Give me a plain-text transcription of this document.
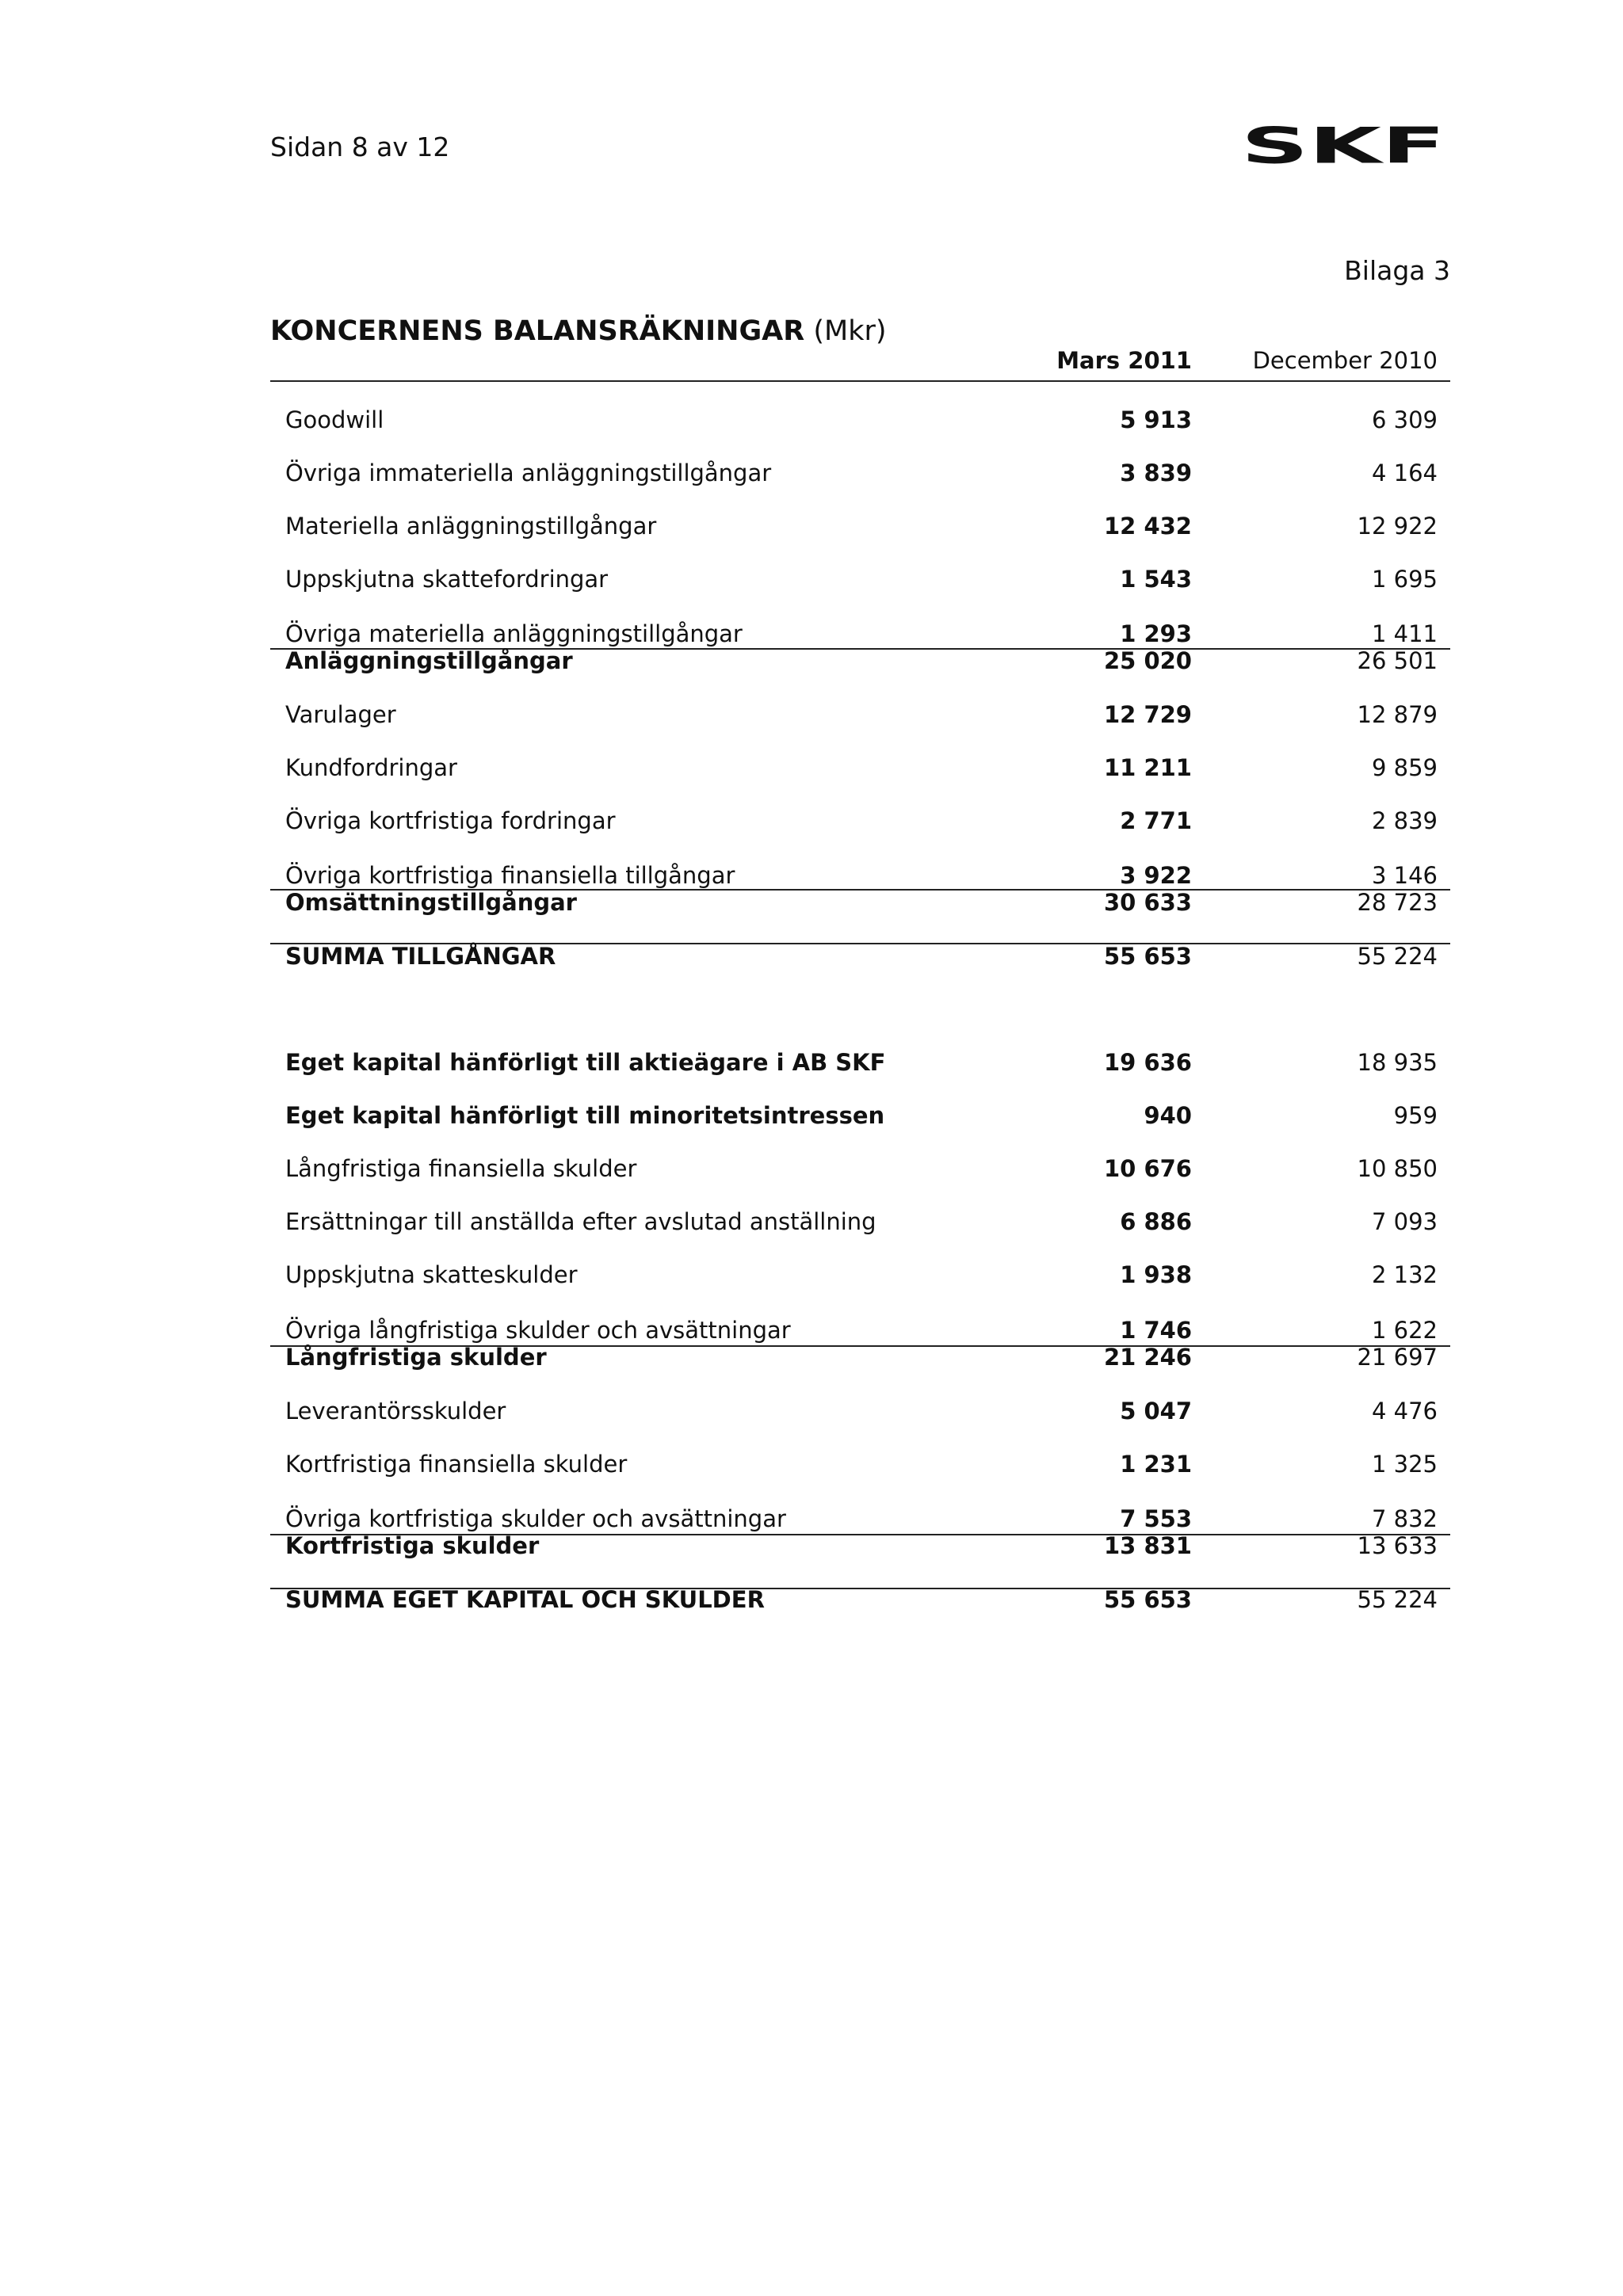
Sidan 8 av 12	SKF
Bilaga 3
KONCERNENS BALANSRÄKNINGAR (Mkr)
Mars 2011	December 2010
Goodwill	5 913	6 309
Övriga immateriella anläggningstillgångar	3 839	4 164
Materiella anläggningstillgångar	12 432	12 922
Uppskjutna skattefordringar	1 543	1 695
Övriga materiella anläggningstillgångar	1 293	1 411
Anläggningstillgångar	25 020	26 501
Varulager	12 729	12 879
Kundfordringar	11 211	9 859
Övriga kortfristiga fordringar	2 771	2 839
Övriga kortfristiga finansiella tillgångar	3 922	3 146
Omsättningstillgångar	30 633	28 723
SUMMA TILLGÅNGAR	55 653	55 224
Eget kapital hänförligt till aktieägare i AB SKF	19 636	18 935
Eget kapital hänförligt till minoritetsintressen	940	959
Långfristiga finansiella skulder	10 676	10 850
Ersättningar till anställda efter avslutad anställning	6 886	7 093
Uppskjutna skatteskulder	1 938	2 132
Övriga långfristiga skulder och avsättningar	1 746	1 622
Långfristiga skulder	21 246	21 697
Leverantörsskulder	5 047	4 476
Kortfristiga finansiella skulder	1 231	1 325
Övriga kortfristiga skulder och avsättningar	7 553	7 832
Kortfristiga skulder	13 831	13 633
SUMMA EGET KAPITAL OCH SKULDER	55 653	55 224
